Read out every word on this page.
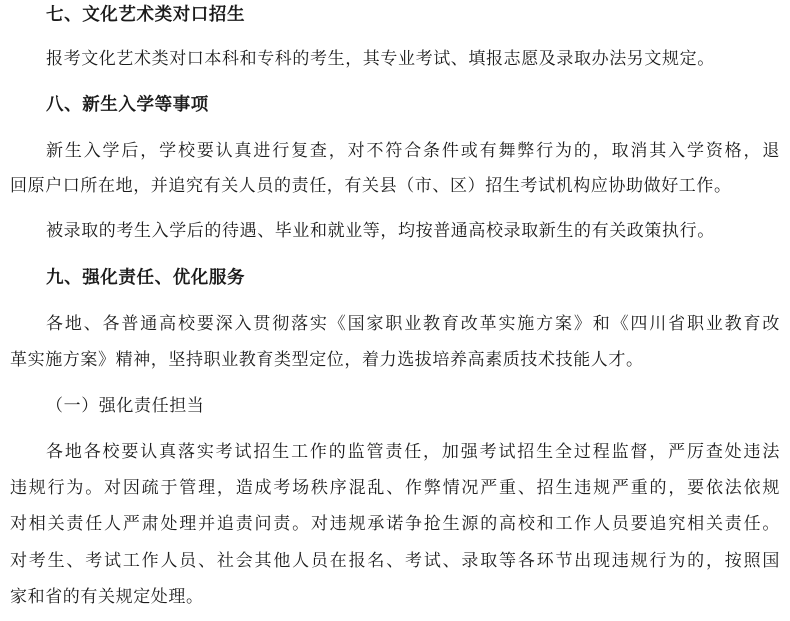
七、文化艺术类对口招生
报考文化艺术类对口本科和专科的考生，其专业考试、填报志愿及录取办法另文规定。
八、新生入学等事项
新生入学后，学校要认真进行复查，对不符合条件或有舞弊行为的，取消其入学资格，退
回原户口所在地，并追究有关人员的责任，有关县（市、区）招生考试机构应协助做好工作。
被录取的考生入学后的待遇、毕业和就业等，均按普通高校录取新生的有关政策执行。
九、强化责任、优化服务
各地、各普通高校要深入贯彻落实《国家职业教育改革实施方案》和《四川省职业教育改
革实施方案》精神，坚持职业教育类型定位，着力选拔培养高素质技术技能人才。
（一）强化责任担当
各地各校要认真落实考试招生工作的监管责任，加强考试招生全过程监督，严厉查处违法
违规行为。对因疏于管理，造成考场秩序混乱、作弊情况严重、招生违规严重的，要依法依规
对相关责任人严肃处理并追责问责。对违规承诺争抢生源的高校和工作人员要追究相关责任。
对考生、考试工作人员、社会其他人员在报名、考试、录取等各环节出现违规行为的，按照国
家和省的有关规定处理。
